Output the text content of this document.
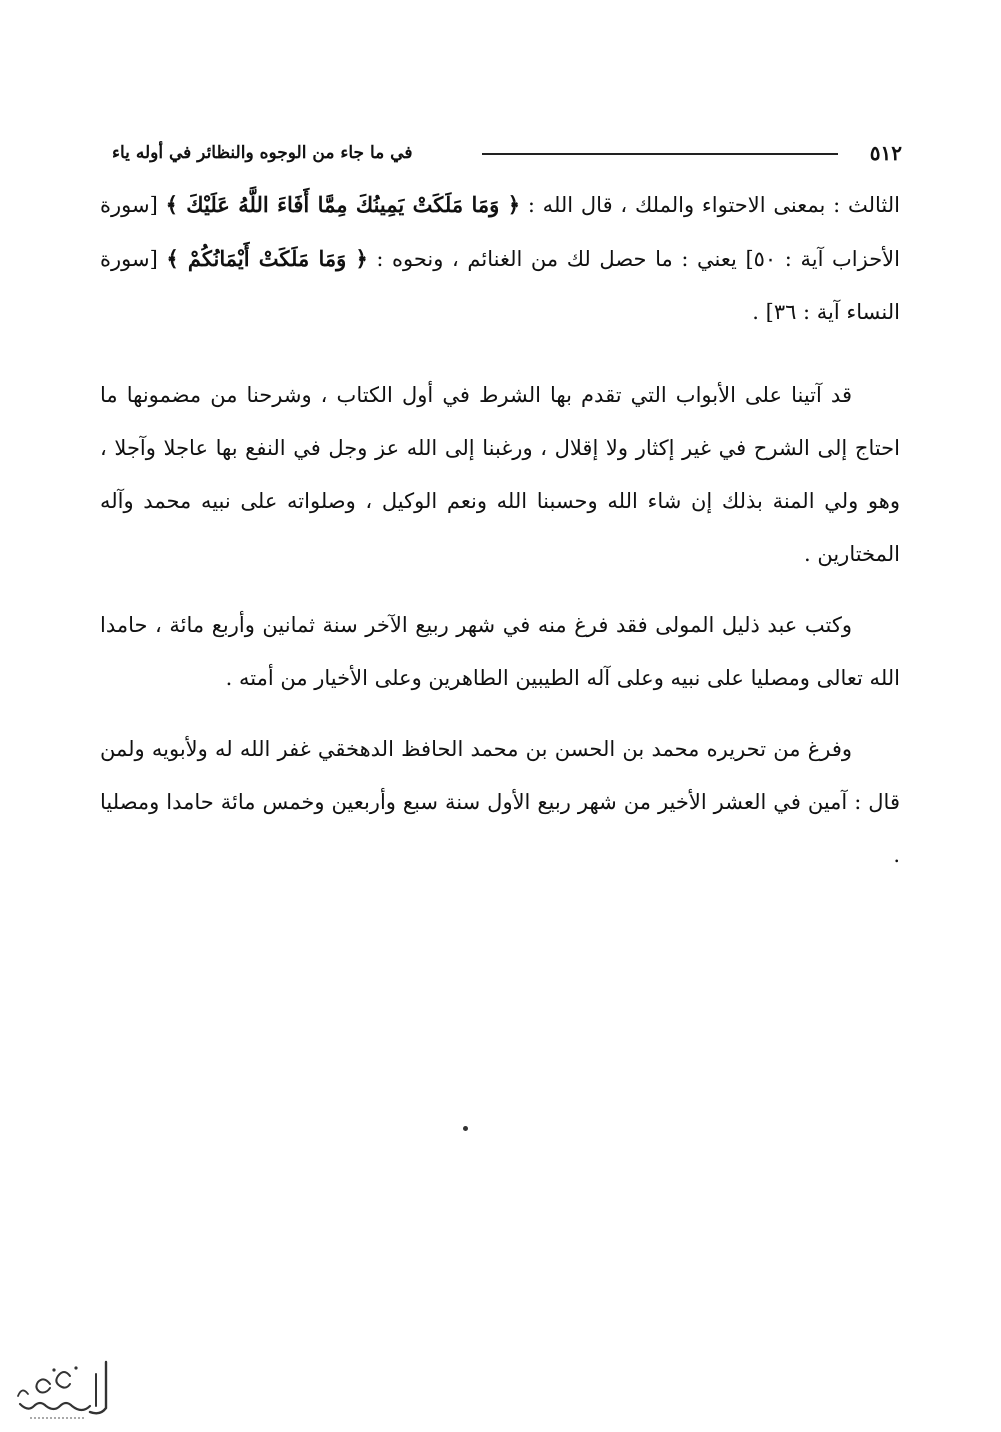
٥١٢
في ما جاء من الوجوه والنظائر في أوله ياء

الثالث : بمعنى الاحتواء والملك ، قال الله : ﴿ وَمَا مَلَكَتْ يَمِينُكَ مِمَّا أَفَاءَ اللَّهُ عَلَيْكَ ﴾ [سورة الأحزاب آية : ٥٠] يعني : ما حصل لك من الغنائم ، ونحوه : ﴿ وَمَا مَلَكَتْ أَيْمَانُكُمْ ﴾ [سورة النساء آية : ٣٦] .

قد آتينا على الأبواب التي تقدم بها الشرط في أول الكتاب ، وشرحنا من مضمونها ما احتاج إلى الشرح في غير إكثار ولا إقلال ، ورغبنا إلى الله عز وجل في النفع بها عاجلا وآجلا ، وهو ولي المنة بذلك إن شاء الله وحسبنا الله ونعم الوكيل ، وصلواته على نبيه محمد وآله المختارين .

وكتب عبد ذليل المولى فقد فرغ منه في شهر ربيع الآخر سنة ثمانين وأربع مائة ، حامدا الله تعالى ومصليا على نبيه وعلى آله الطيبين الطاهرين وعلى الأخيار من أمته .

وفرغ من تحريره محمد بن الحسن بن محمد الحافظ الدهخقي غفر الله له ولأبويه ولمن قال : آمين في العشر الأخير من شهر ربيع الأول سنة سبع وأربعين وخمس مائة حامدا ومصليا .
